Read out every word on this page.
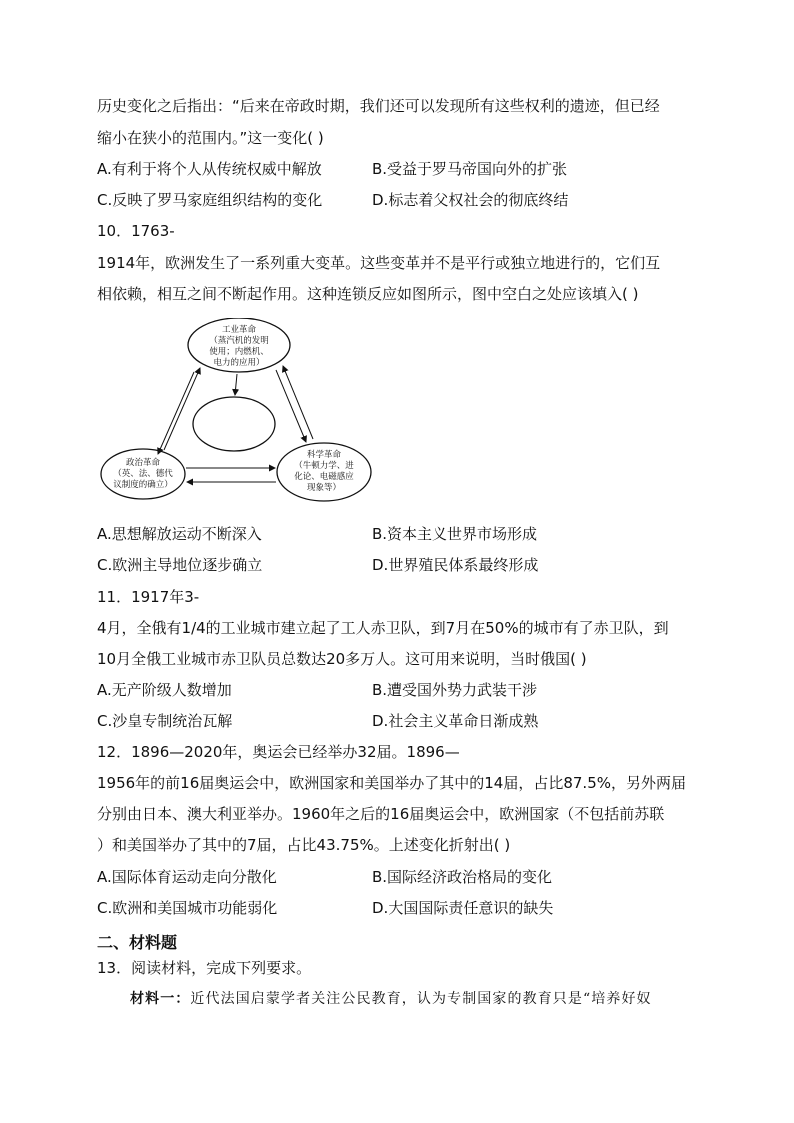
历史变化之后指出：“后来在帝政时期，我们还可以发现所有这些权利的遗迹，但已经
缩小在狭小的范围内。”这一变化( )
A.有利于将个人从传统权威中解放	B.受益于罗马帝国向外的扩张
C.反映了罗马家庭组织结构的变化	D.标志着父权社会的彻底终结
10．1763-
1914年，欧洲发生了一系列重大变革。这些变革并不是平行或独立地进行的，它们互
相依赖，相互之间不断起作用。这种连锁反应如图所示，图中空白之处应该填入( )
工业革命
（蒸汽机的发明
使用；内燃机、
电力的应用）
政治革命
（英、法、德代
议制度的确立）
科学革命
（牛顿力学、进
化论、电磁感应
现象等）
A.思想解放运动不断深入	B.资本主义世界市场形成
C.欧洲主导地位逐步确立	D.世界殖民体系最终形成
11．1917年3-
4月，全俄有1/4的工业城市建立起了工人赤卫队，到7月在50%的城市有了赤卫队，到
10月全俄工业城市赤卫队员总数达20多万人。这可用来说明，当时俄国( )
A.无产阶级人数增加	B.遭受国外势力武装干涉
C.沙皇专制统治瓦解	D.社会主义革命日渐成熟
12．1896—2020年，奥运会已经举办32届。1896—
1956年的前16届奥运会中，欧洲国家和美国举办了其中的14届，占比87.5%，另外两届
分别由日本、澳大利亚举办。1960年之后的16届奥运会中，欧洲国家（不包括前苏联
）和美国举办了其中的7届，占比43.75%。上述变化折射出( )
A.国际体育运动走向分散化	B.国际经济政治格局的变化
C.欧洲和美国城市功能弱化	D.大国国际责任意识的缺失
二、材料题
13．阅读材料，完成下列要求。
材料一：近代法国启蒙学者关注公民教育，认为专制国家的教育只是“培养好奴
